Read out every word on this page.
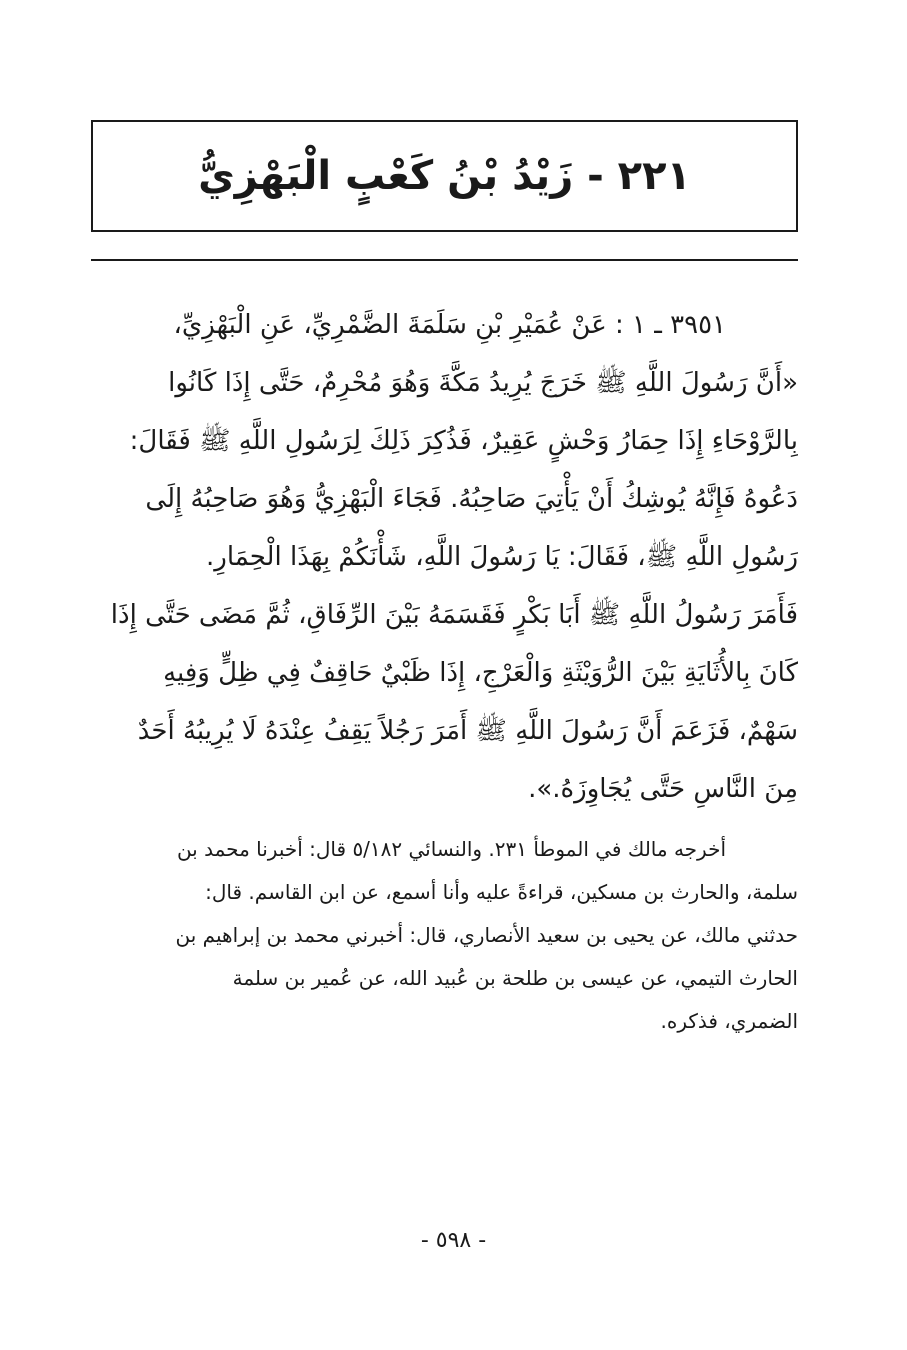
٢٢١ - زَيْدُ بْنُ كَعْبٍ الْبَهْزِيُّ
٣٩٥١ ـ ١ : عَنْ عُمَيْرِ بْنِ سَلَمَةَ الضَّمْرِيِّ، عَنِ الْبَهْزِيِّ،
«أَنَّ رَسُولَ اللَّهِ ﷺ خَرَجَ يُرِيدُ مَكَّةَ وَهُوَ مُحْرِمٌ، حَتَّى إِذَا كَانُوا
بِالرَّوْحَاءِ إِذَا حِمَارُ وَحْشٍ عَقِيرٌ، فَذُكِرَ ذَلِكَ لِرَسُولِ اللَّهِ ﷺ فَقَالَ:
دَعُوهُ فَإِنَّهُ يُوشِكُ أَنْ يَأْتِيَ صَاحِبُهُ. فَجَاءَ الْبَهْزِيُّ وَهُوَ صَاحِبُهُ إِلَى
رَسُولِ اللَّهِ ﷺ، فَقَالَ: يَا رَسُولَ اللَّهِ، شَأْنَكُمْ بِهَذَا الْحِمَارِ.
فَأَمَرَ رَسُولُ اللَّهِ ﷺ أَبَا بَكْرٍ فَقَسَمَهُ بَيْنَ الرِّفَاقِ، ثُمَّ مَضَى حَتَّى إِذَا
كَانَ بِالأُثَايَةِ بَيْنَ الرُّوَيْثَةِ وَالْعَرْجِ، إِذَا ظَبْيٌ حَاقِفٌ فِي ظِلٍّ وَفِيهِ
سَهْمٌ، فَزَعَمَ أَنَّ رَسُولَ اللَّهِ ﷺ أَمَرَ رَجُلاً يَقِفُ عِنْدَهُ لَا يُرِيبُهُ أَحَدٌ
مِنَ النَّاسِ حَتَّى يُجَاوِزَهُ.».
أخرجه مالك في الموطأ ٢٣١. والنسائي ٥/١٨٢ قال: أخبرنا محمد بن
سلمة، والحارث بن مسكين، قراءةً عليه وأنا أسمع، عن ابن القاسم. قال:
حدثني مالك، عن يحيى بن سعيد الأنصاري، قال: أخبرني محمد بن إبراهيم بن
الحارث التيمي، عن عيسى بن طلحة بن عُبيد الله، عن عُمير بن سلمة
الضمري، فذكره.
- ٥٩٨ -
